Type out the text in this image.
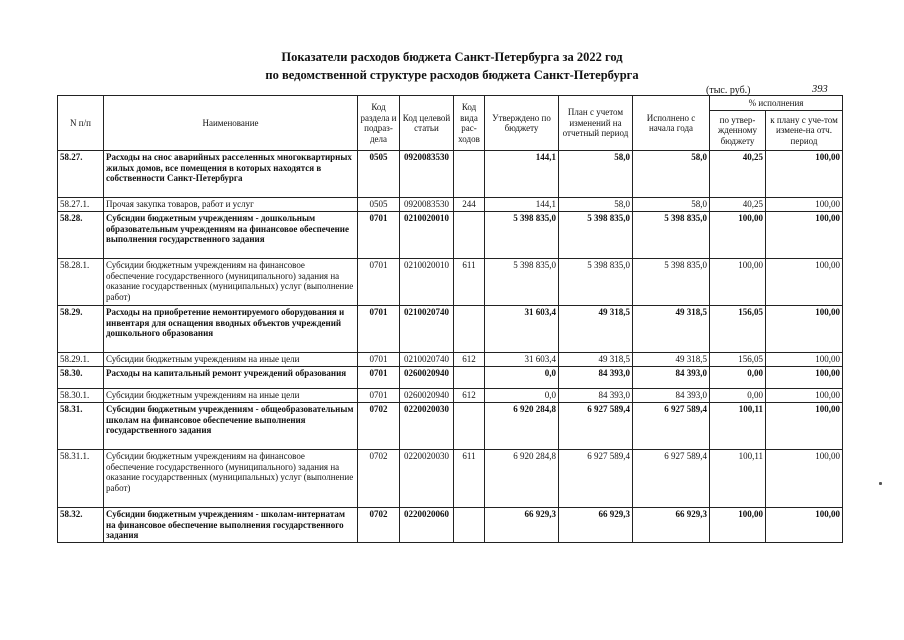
Показатели расходов бюджета Санкт-Петербурга за 2022 год
по ведомственной структуре расходов бюджета Санкт-Петербурга
(тыс. руб.)	393
N п/п	Наименование	Код раздела и подраз-дела	Код целевой статьи	Код вида рас-ходов	Утверждено по бюджету	План с учетом изменений на отчетный период	Исполнено с начала года	% исполнения	
								по утвер-жденному бюджету	к плану с уче-том измене-на отч. период
58.27.	Расходы на снос аварийных расселенных многоквартирных жилых домов, все помещения в которых находятся в собственности Санкт-Петербурга	0505	0920083530		144,1	58,0	58,0	40,25	100,00
58.27.1.	Прочая закупка товаров, работ и услуг	0505	0920083530	244	144,1	58,0	58,0	40,25	100,00
58.28.	Субсидии бюджетным учреждениям - дошкольным образовательным учреждениям на финансовое обеспечение выполнения государственного задания	0701	0210020010		5 398 835,0	5 398 835,0	5 398 835,0	100,00	100,00
58.28.1.	Субсидии бюджетным учреждениям на финансовое обеспечение государственного (муниципального) задания на оказание государственных (муниципальных) услуг (выполнение работ)	0701	0210020010	611	5 398 835,0	5 398 835,0	5 398 835,0	100,00	100,00
58.29.	Расходы на приобретение немонтируемого оборудования и инвентаря для оснащения вводных объектов учреждений дошкольного образования	0701	0210020740		31 603,4	49 318,5	49 318,5	156,05	100,00
58.29.1.	Субсидии бюджетным учреждениям на иные цели	0701	0210020740	612	31 603,4	49 318,5	49 318,5	156,05	100,00
58.30.	Расходы на капитальный ремонт учреждений образования	0701	0260020940		0,0	84 393,0	84 393,0	0,00	100,00
58.30.1.	Субсидии бюджетным учреждениям на иные цели	0701	0260020940	612	0,0	84 393,0	84 393,0	0,00	100,00
58.31.	Субсидии бюджетным учреждениям - общеобразовательным школам на финансовое обеспечение выполнения государственного задания	0702	0220020030		6 920 284,8	6 927 589,4	6 927 589,4	100,11	100,00
58.31.1.	Субсидии бюджетным учреждениям на финансовое обеспечение государственного (муниципального) задания на оказание государственных (муниципальных) услуг (выполнение работ)	0702	0220020030	611	6 920 284,8	6 927 589,4	6 927 589,4	100,11	100,00
58.32.	Субсидии бюджетным учреждениям - школам-интернатам на финансовое обеспечение выполнения государственного задания	0702	0220020060		66 929,3	66 929,3	66 929,3	100,00	100,00
